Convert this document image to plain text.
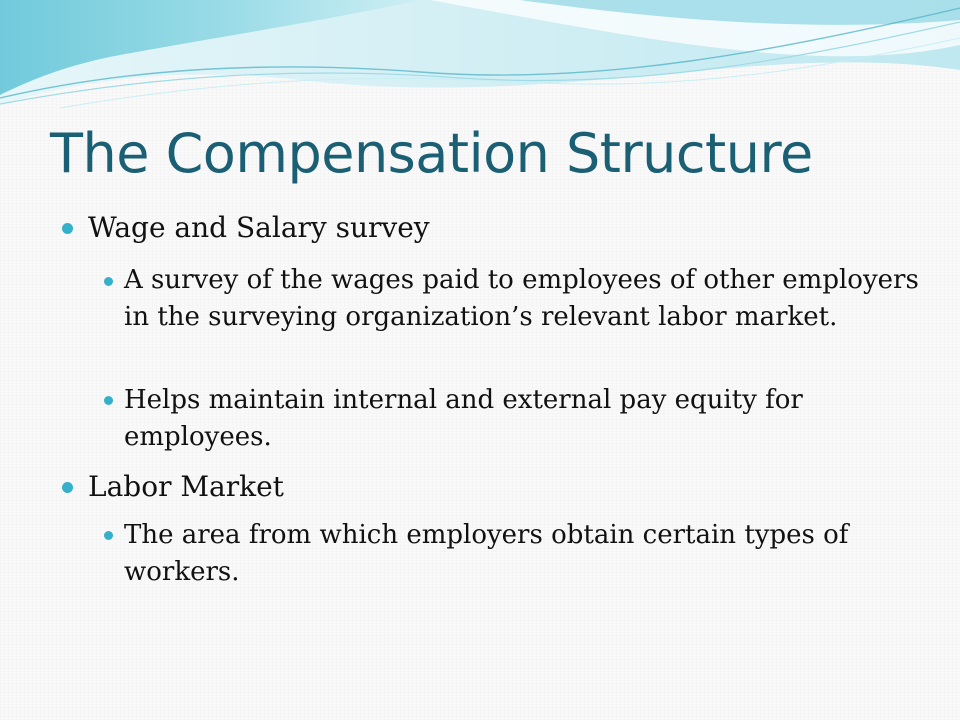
The Compensation Structure
Wage and Salary survey
A survey of the wages paid to employees of other employers in the surveying organization’s relevant labor market.
Helps maintain internal and external pay equity for employees.
Labor Market
The area from which employers obtain certain types of workers.
